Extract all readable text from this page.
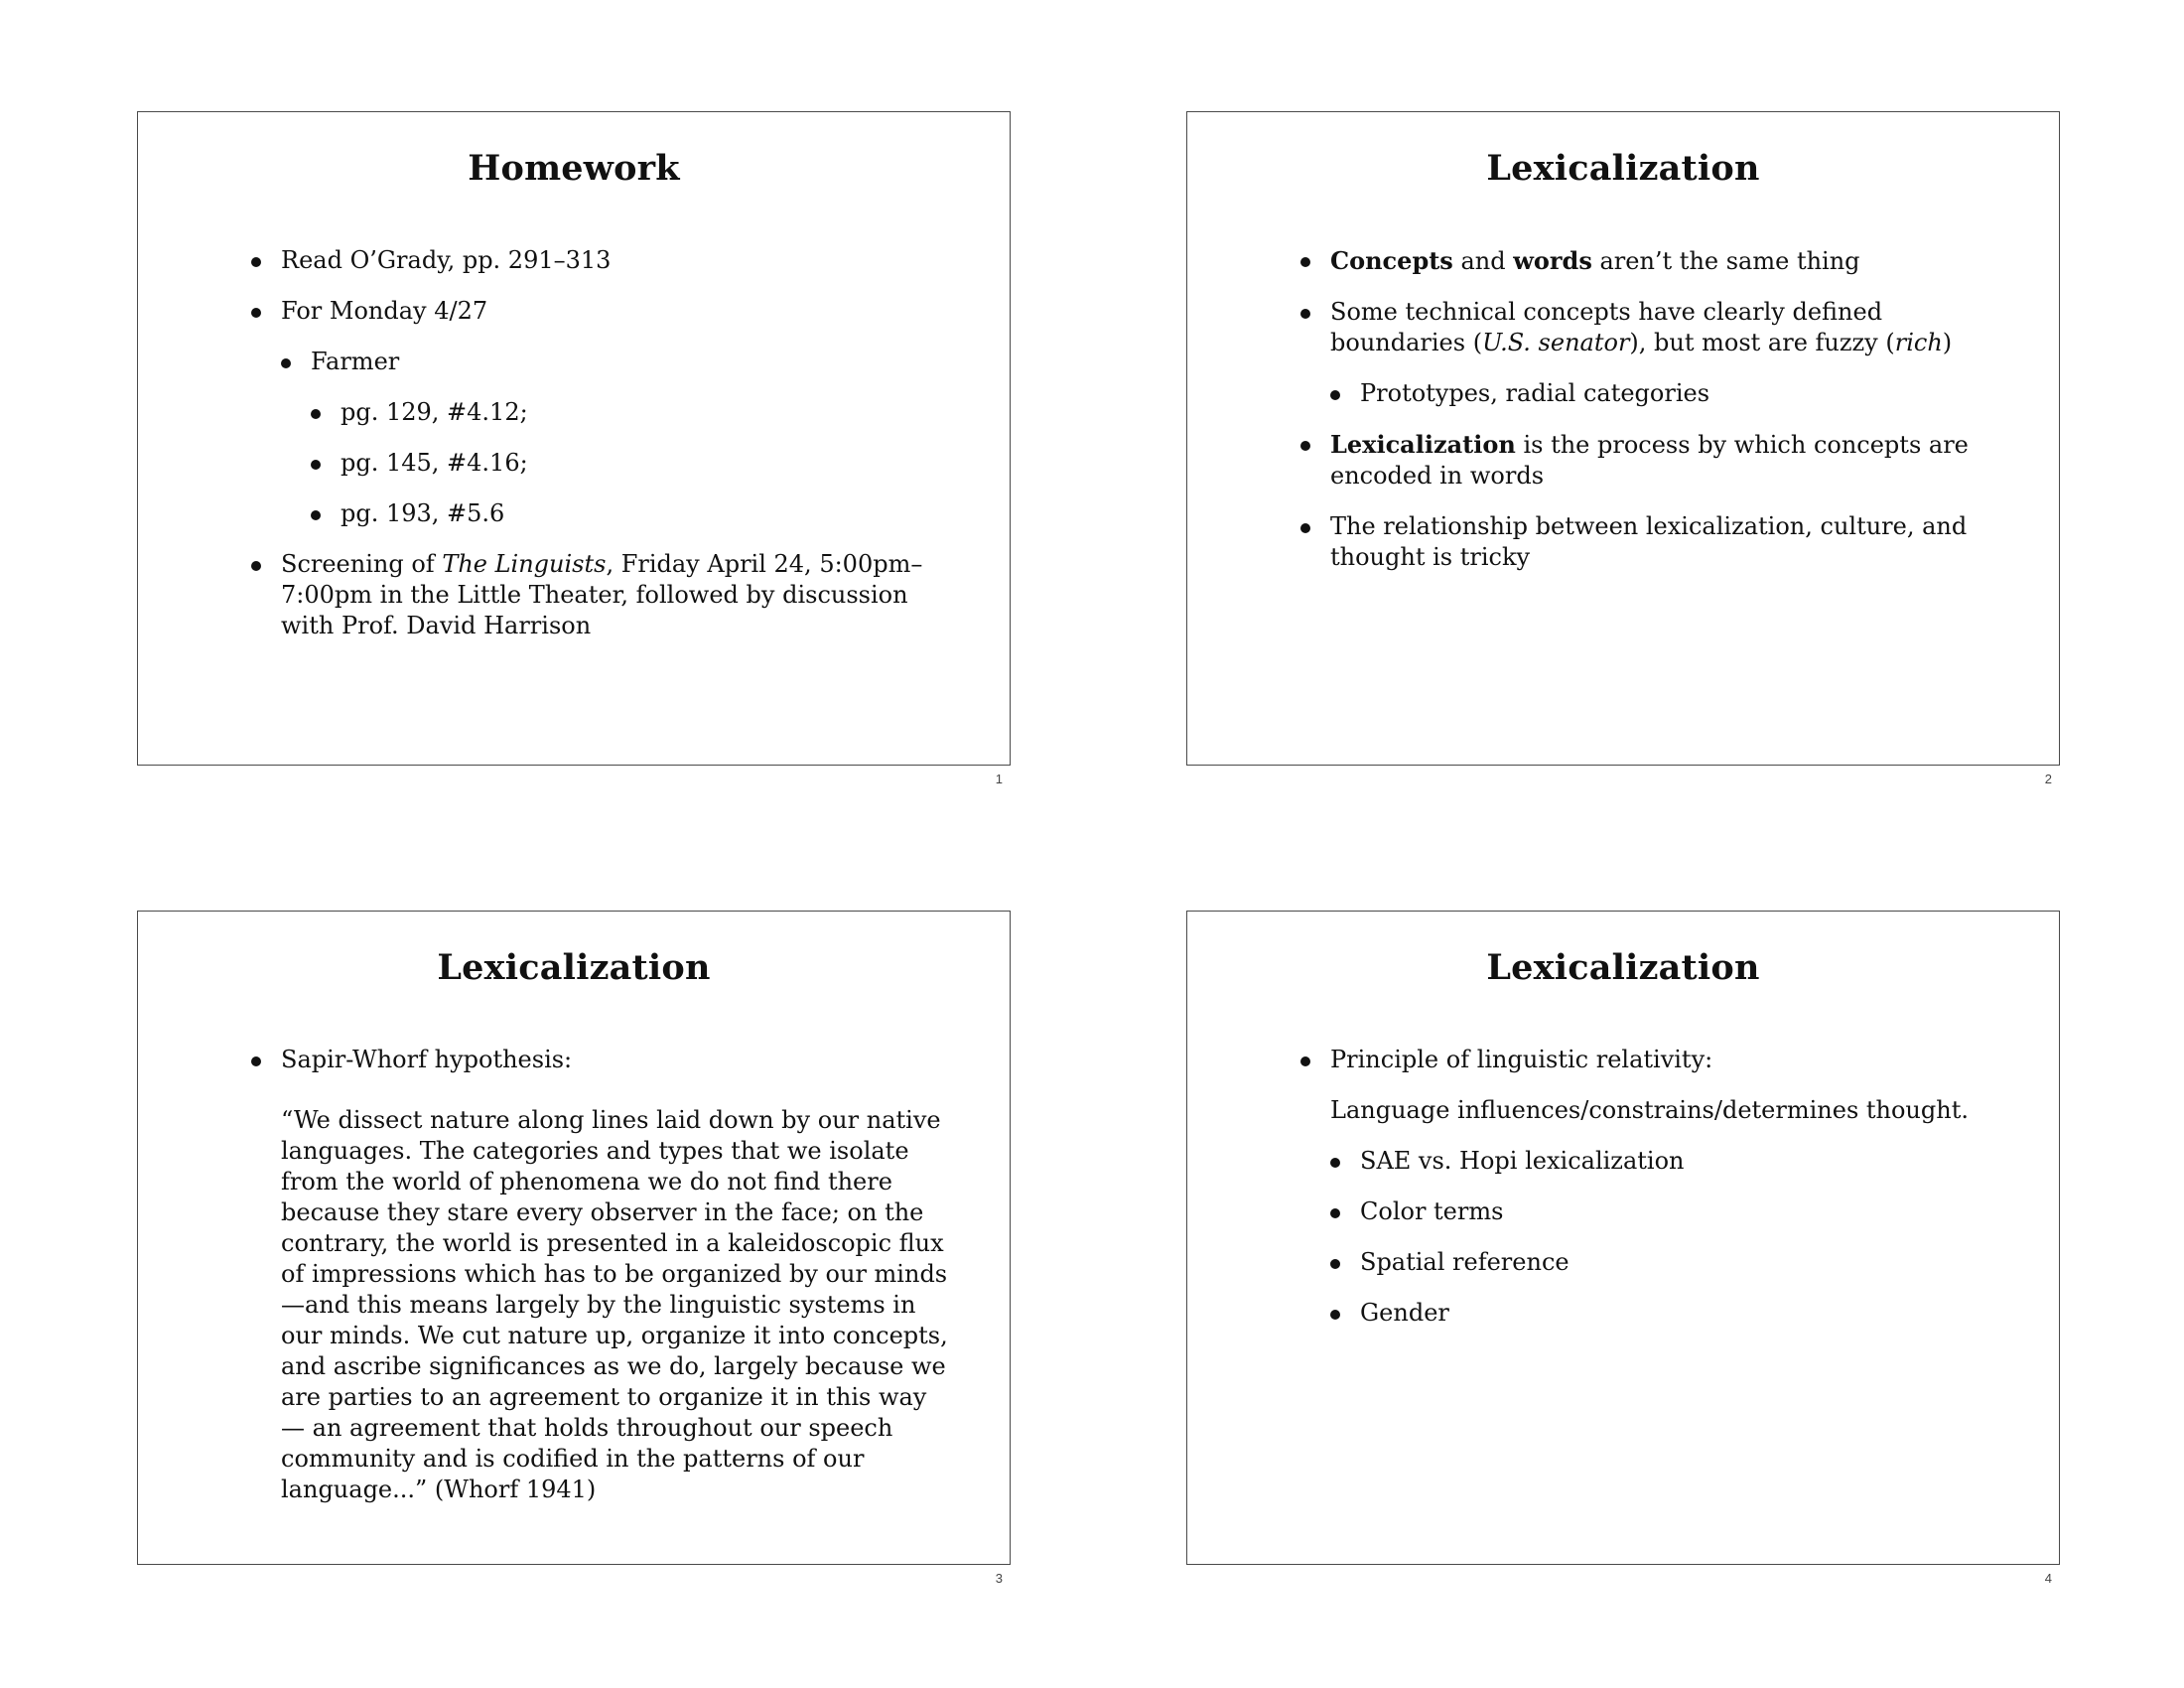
Homework
Read O’Grady, pp. 291–313
For Monday 4/27
Farmer
pg. 129, #4.12;
pg. 145, #4.16;
pg. 193, #5.6
Screening of The Linguists, Friday April 24, 5:00pm–7:00pm in the Little Theater, followed by discussion with Prof. David Harrison
1
Lexicalization
Concepts and words aren’t the same thing
Some technical concepts have clearly defined boundaries (U.S. senator), but most are fuzzy (rich)
Prototypes, radial categories
Lexicalization is the process by which concepts are encoded in words
The relationship between lexicalization, culture, and thought is tricky
2
Lexicalization
Sapir-Whorf hypothesis:
“We dissect nature along lines laid down by our native languages. The categories and types that we isolate from the world of phenomena we do not find there because they stare every observer in the face; on the contrary, the world is presented in a kaleidoscopic flux of impressions which has to be organized by our minds —and this means largely by the linguistic systems in our minds. We cut nature up, organize it into concepts, and ascribe significances as we do, largely because we are parties to an agreement to organize it in this way — an agreement that holds throughout our speech community and is codified in the patterns of our language...” (Whorf 1941)
3
Lexicalization
Principle of linguistic relativity:
Language influences/constrains/determines thought.
SAE vs. Hopi lexicalization
Color terms
Spatial reference
Gender
4
